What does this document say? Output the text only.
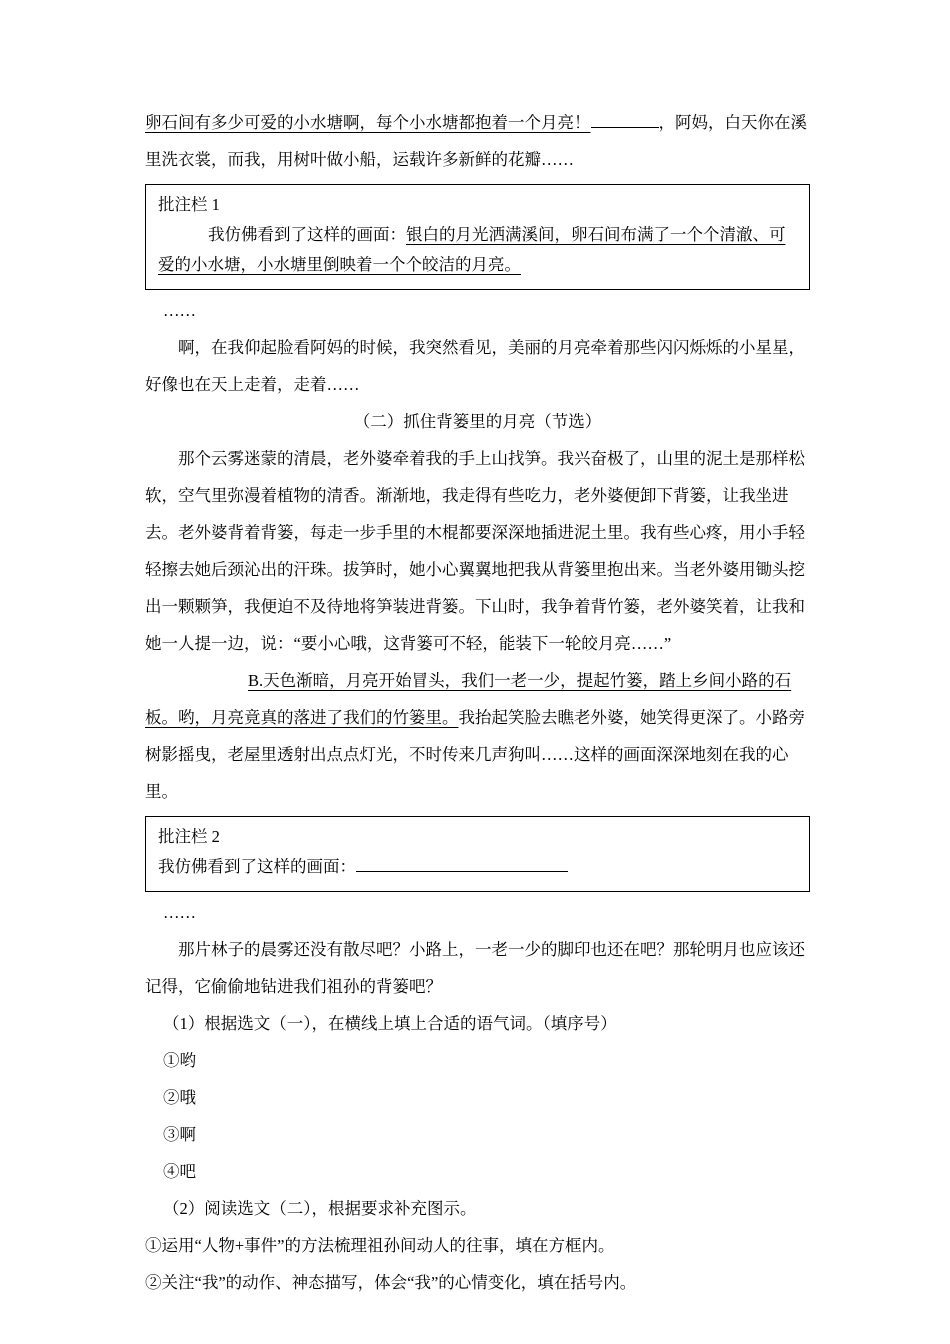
卵石间有多少可爱的小水塘啊，每个小水塘都抱着一个月亮！	，阿妈，白天你在溪里洗衣裳，而我，用树叶做小船，运载许多新鲜的花瓣……

批注栏 1

我仿佛看到了这样的画面：银白的月光洒满溪间，卵石间布满了一个个清澈、可爱的小水塘，小水塘里倒映着一个个皎洁的月亮。

……

啊，在我仰起脸看阿妈的时候，我突然看见，美丽的月亮牵着那些闪闪烁烁的小星星，好像也在天上走着，走着……

（二）抓住背篓里的月亮（节选）

那个云雾迷蒙的清晨，老外婆牵着我的手上山找笋。我兴奋极了，山里的泥土是那样松软，空气里弥漫着植物的清香。渐渐地，我走得有些吃力，老外婆便卸下背篓，让我坐进去。老外婆背着背篓，每走一步手里的木棍都要深深地插进泥土里。我有些心疼，用小手轻轻擦去她后颈沁出的汗珠。拔笋时，她小心翼翼地把我从背篓里抱出来。当老外婆用锄头挖出一颗颗笋，我便迫不及待地将笋装进背篓。下山时，我争着背竹篓，老外婆笑着，让我和她一人提一边，说：“要小心哦，这背篓可不轻，能装下一轮皎月亮……”

B.天色渐暗，月亮开始冒头，我们一老一少，提起竹篓，踏上乡间小路的石板。哟，月亮竟真的落进了我们的竹篓里。我抬起笑脸去瞧老外婆，她笑得更深了。小路旁树影摇曳，老屋里透射出点点灯光，不时传来几声狗叫……这样的画面深深地刻在我的心里。

批注栏 2

我仿佛看到了这样的画面：

……

那片林子的晨雾还没有散尽吧？小路上，一老一少的脚印也还在吧？那轮明月也应该还记得，它偷偷地钻进我们祖孙的背篓吧？

（1）根据选文（一），在横线上填上合适的语气词。（填序号）

①哟

②哦

③啊

④吧

（2）阅读选文（二），根据要求补充图示。

①运用“人物+事件”的方法梳理祖孙间动人的往事，填在方框内。

②关注“我”的动作、神态描写，体会“我”的心情变化，填在括号内。
